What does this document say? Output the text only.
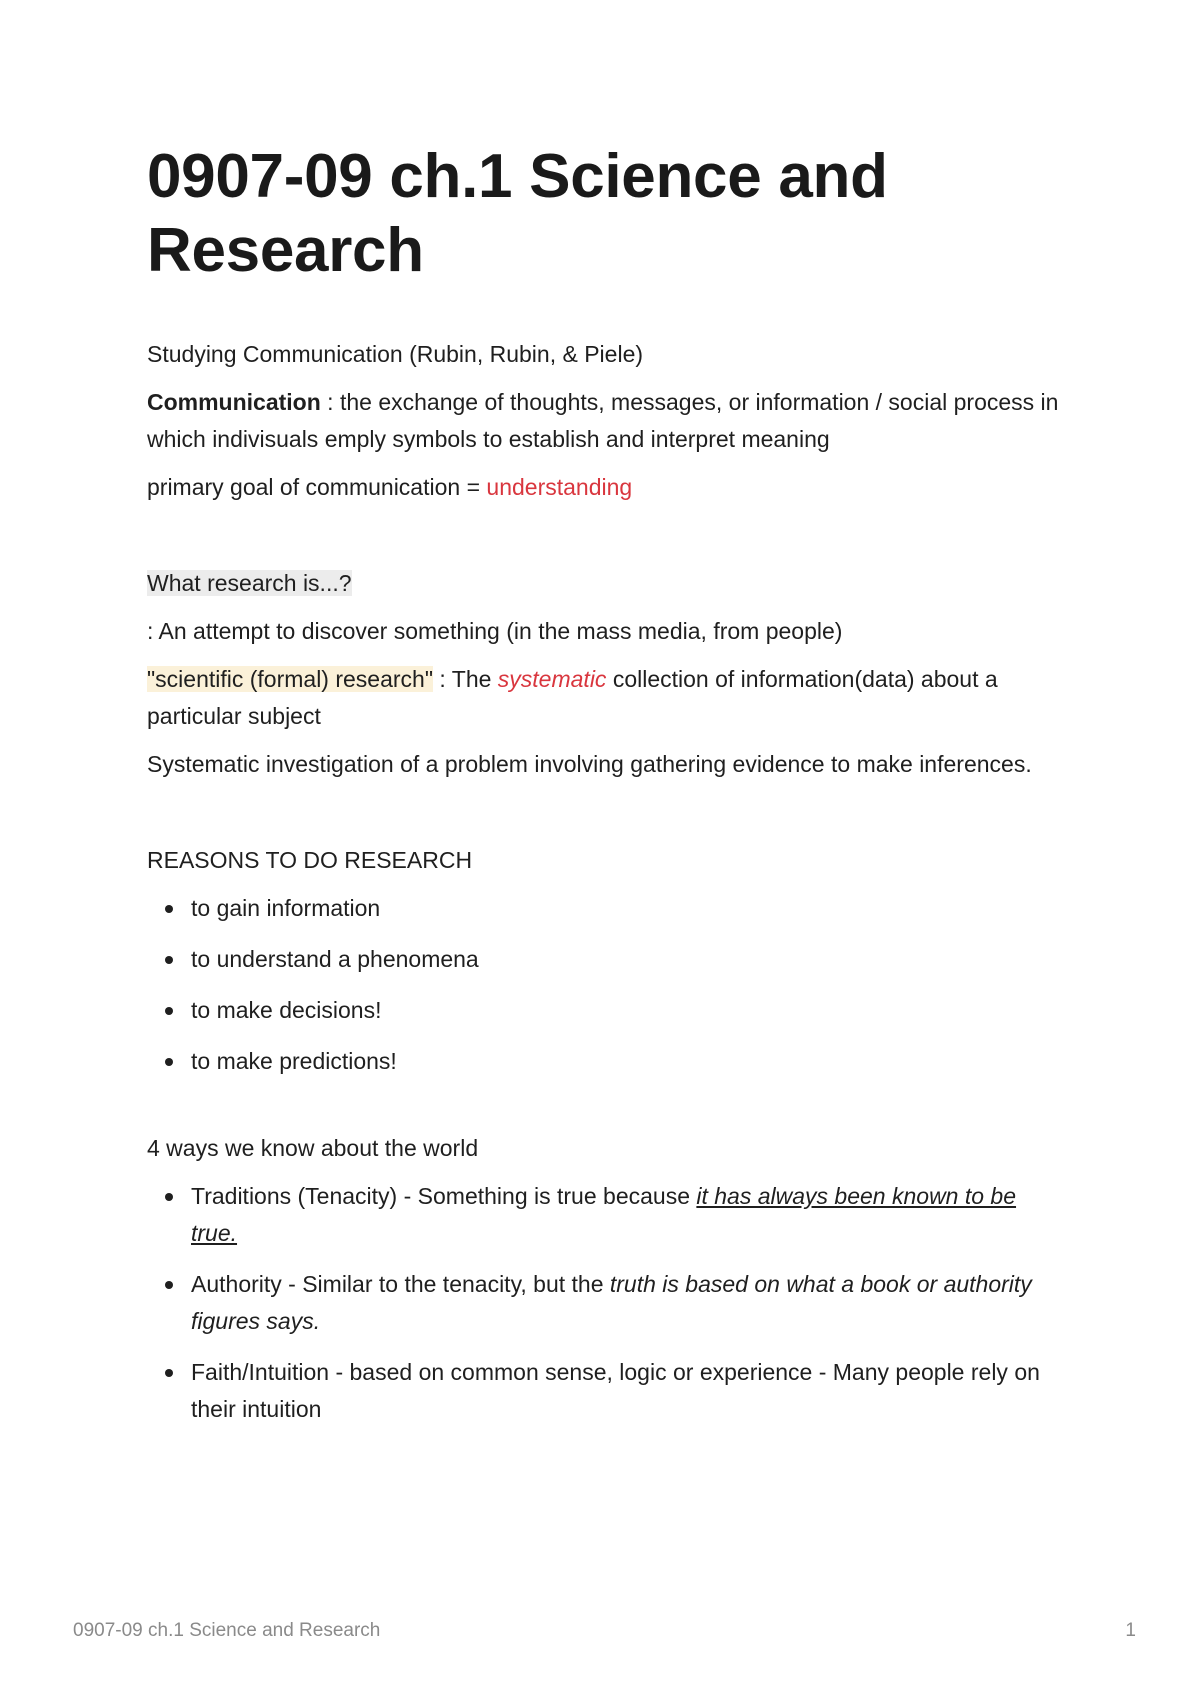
0907-09 ch.1 Science and Research

Studying Communication (Rubin, Rubin, & Piele)

Communication : the exchange of thoughts, messages, or information / social process in which indivisuals emply symbols to establish and interpret meaning

primary goal of communication = understanding

What research is...?

: An attempt to discover something (in the mass media, from people)

"scientific (formal) research" : The systematic collection of information(data) about a particular subject

Systematic investigation of a problem involving gathering evidence to make inferences.

REASONS TO DO RESEARCH

to gain information
to understand a phenomena
to make decisions!
to make predictions!

4 ways we know about the world

Traditions (Tenacity) - Something is true because it has always been known to be true.
Authority - Similar to the tenacity, but the truth is based on what a book or authority figures says.
Faith/Intuition - based on common sense, logic or experience - Many people rely on their intuition
0907-09 ch.1 Science and Research	1
